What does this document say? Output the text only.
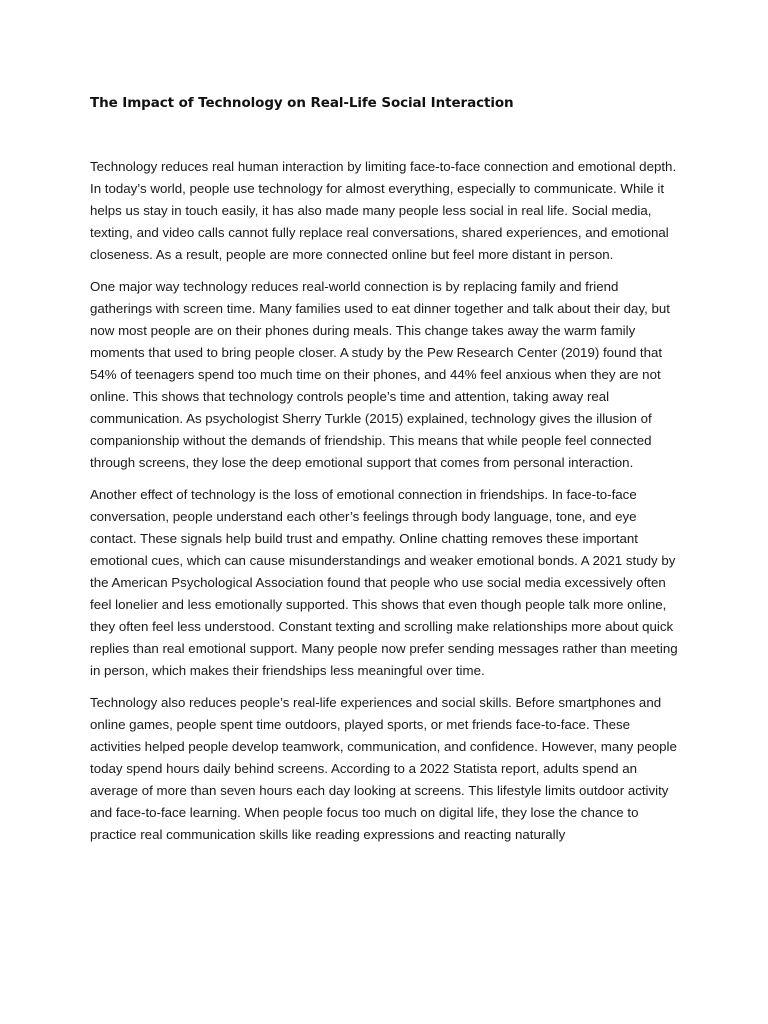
The Impact of Technology on Real-Life Social Interaction

Technology reduces real human interaction by limiting face-to-face connection and emotional depth. In today’s world, people use technology for almost everything, especially to communicate. While it helps us stay in touch easily, it has also made many people less social in real life. Social media, texting, and video calls cannot fully replace real conversations, shared experiences, and emotional closeness. As a result, people are more connected online but feel more distant in person.

One major way technology reduces real-world connection is by replacing family and friend gatherings with screen time. Many families used to eat dinner together and talk about their day, but now most people are on their phones during meals. This change takes away the warm family moments that used to bring people closer. A study by the Pew Research Center (2019) found that 54% of teenagers spend too much time on their phones, and 44% feel anxious when they are not online. This shows that technology controls people’s time and attention, taking away real communication. As psychologist Sherry Turkle (2015) explained, technology gives the illusion of companionship without the demands of friendship. This means that while people feel connected through screens, they lose the deep emotional support that comes from personal interaction.

Another effect of technology is the loss of emotional connection in friendships. In face-to-face conversation, people understand each other’s feelings through body language, tone, and eye contact. These signals help build trust and empathy. Online chatting removes these important emotional cues, which can cause misunderstandings and weaker emotional bonds. A 2021 study by the American Psychological Association found that people who use social media excessively often feel lonelier and less emotionally supported. This shows that even though people talk more online, they often feel less understood. Constant texting and scrolling make relationships more about quick replies than real emotional support. Many people now prefer sending messages rather than meeting in person, which makes their friendships less meaningful over time.

Technology also reduces people’s real-life experiences and social skills. Before smartphones and online games, people spent time outdoors, played sports, or met friends face-to-face. These activities helped people develop teamwork, communication, and confidence. However, many people today spend hours daily behind screens. According to a 2022 Statista report, adults spend an average of more than seven hours each day looking at screens. This lifestyle limits outdoor activity and face-to-face learning. When people focus too much on digital life, they lose the chance to practice real communication skills like reading expressions and reacting naturally
